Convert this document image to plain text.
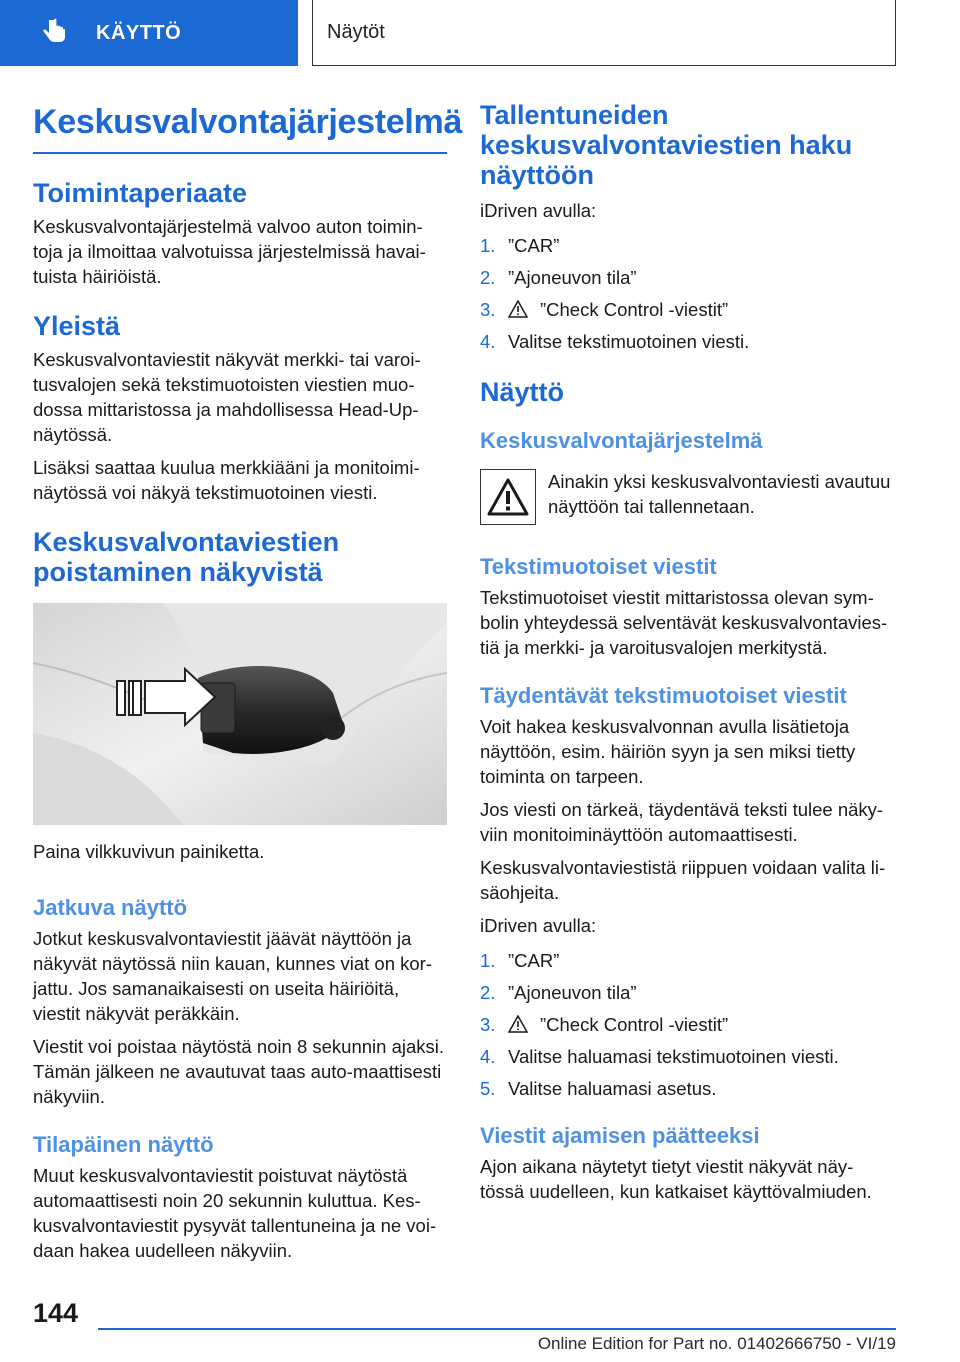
KÄYTTÖ	Näytöt
Keskusvalvontajärjestelmä
Toimintaperiaate
Keskusvalvontajärjestelmä valvoo auton toimin-toja ja ilmoittaa valvotuissa järjestelmissä havai-tuista häiriöistä.
Yleistä
Keskusvalvontaviestit näkyvät merkki- tai varoi-tusvalojen sekä tekstimuotoisten viestien muo-dossa mittaristossa ja mahdollisessa Head-Up-näytössä.
Lisäksi saattaa kuulua merkkiääni ja monitoimi-näytössä voi näkyä tekstimuotoinen viesti.
Keskusvalvontaviestien
poistaminen näkyvistä
Paina vilkkuvivun painiketta.
Jatkuva näyttö
Jotkut keskusvalvontaviestit jäävät näyttöön ja näkyvät näytössä niin kauan, kunnes viat on kor-jattu. Jos samanaikaisesti on useita häiriöitä, viestit näkyvät peräkkäin.
Viestit voi poistaa näytöstä noin 8 sekunnin ajaksi. Tämän jälkeen ne avautuvat taas auto-maattisesti näkyviin.
Tilapäinen näyttö
Muut keskusvalvontaviestit poistuvat näytöstä automaattisesti noin 20 sekunnin kuluttua. Kes-kusvalvontaviestit pysyvät tallentuneina ja ne voi-daan hakea uudelleen näkyviin.
Tallentuneiden
keskusvalvontaviestien haku
näyttöön
iDriven avulla:
1. ”CAR”
2. ”Ajoneuvon tila”
3.	”Check Control -viestit”
4. Valitse tekstimuotoinen viesti.
Näyttö
Keskusvalvontajärjestelmä
Ainakin yksi keskusvalvontaviesti avautuu näyttöön tai tallennetaan.
Tekstimuotoiset viestit
Tekstimuotoiset viestit mittaristossa olevan sym-bolin yhteydessä selventävät keskusvalvontavies-tiä ja merkki- ja varoitusvalojen merkitystä.
Täydentävät tekstimuotoiset viestit
Voit hakea keskusvalvonnan avulla lisätietoja näyttöön, esim. häiriön syyn ja sen miksi tietty toiminta on tarpeen.
Jos viesti on tärkeä, täydentävä teksti tulee näky-viin monitoiminäyttöön automaattisesti.
Keskusvalvontaviestistä riippuen voidaan valita li-säohjeita.
iDriven avulla:
1. ”CAR”
2. ”Ajoneuvon tila”
3.	”Check Control -viestit”
4. Valitse haluamasi tekstimuotoinen viesti.
5. Valitse haluamasi asetus.
Viestit ajamisen päätteeksi
Ajon aikana näytetyt tietyt viestit näkyvät näy-tössä uudelleen, kun katkaiset käyttövalmiuden.
144
Online Edition for Part no. 01402666750 - VI/19
